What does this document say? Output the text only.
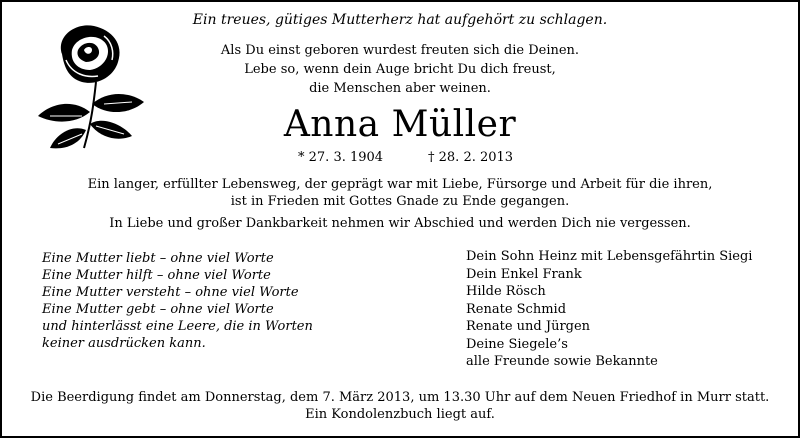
Ein treues, gütiges Mutterherz hat aufgehört zu schlagen.
Als Du einst geboren wurdest freuten sich die Deinen.
Lebe so, wenn dein Auge bricht Du dich freust,
die Menschen aber weinen.
Anna Müller
* 27. 3. 1904	† 28. 2. 2013
Ein langer, erfüllter Lebensweg, der geprägt war mit Liebe, Fürsorge und Arbeit für die ihren,
ist in Frieden mit Gottes Gnade zu Ende gegangen.
In Liebe und großer Dankbarkeit nehmen wir Abschied und werden Dich nie vergessen.
Eine Mutter liebt – ohne viel Worte
Eine Mutter hilft – ohne viel Worte
Eine Mutter versteht – ohne viel Worte
Eine Mutter gebt – ohne viel Worte
und hinterlässt eine Leere, die in Worten
keiner ausdrücken kann.
Dein Sohn Heinz mit Lebensgefährtin Siegi
Dein Enkel Frank
Hilde Rösch
Renate Schmid
Renate und Jürgen
Deine Siegele’s
alle Freunde sowie Bekannte
Die Beerdigung findet am Donnerstag, dem 7. März 2013, um 13.30 Uhr auf dem Neuen Friedhof in Murr statt.
Ein Kondolenzbuch liegt auf.
